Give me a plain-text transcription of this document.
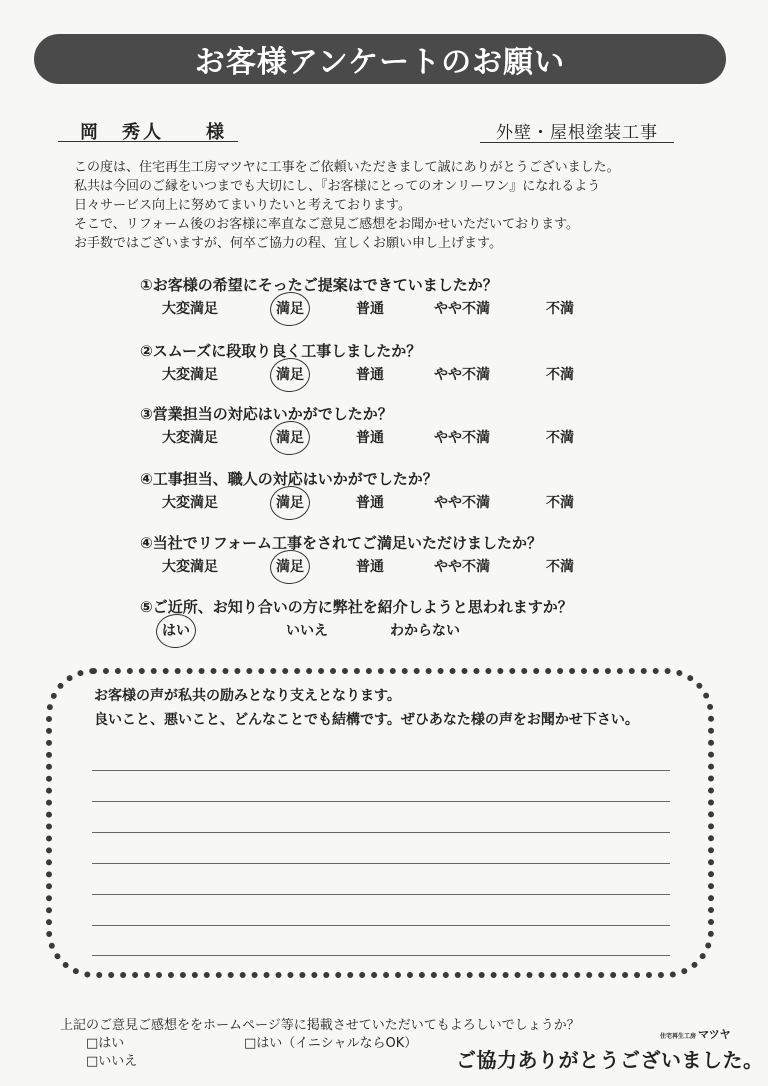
お客様アンケートのお願い
岡　秀人　　様	外壁・屋根塗装工事
この度は、住宅再生工房マツヤに工事をご依頼いただきまして誠にありがとうございました。
私共は今回のご縁をいつまでも大切にし、『お客様にとってのオンリーワン』になれるよう
日々サービス向上に努めてまいりたいと考えております。
そこで、リフォーム後のお客様に率直なご意見ご感想をお聞かせいただいております。
お手数ではございますが、何卒ご協力の程、宜しくお願い申し上げます。
①お客様の希望にそったご提案はできていましたか？
大変満足	満足	普通	やや不満	不満
②スムーズに段取り良く工事しましたか？
大変満足	満足	普通	やや不満	不満
③営業担当の対応はいかがでしたか？
大変満足	満足	普通	やや不満	不満
④工事担当、職人の対応はいかがでしたか？
大変満足	満足	普通	やや不満	不満
④当社でリフォーム工事をされてご満足いただけましたか？
大変満足	満足	普通	やや不満	不満
⑤ご近所、お知り合いの方に弊社を紹介しようと思われますか？
はい	いいえ	わからない
お客様の声が私共の励みとなり支えとなります。
良いこと、悪いこと、どんなことでも結構です。ぜひあなた様の声をお聞かせ下さい。
上記のご意見ご感想ををホームページ等に掲載させていただいてもよろしいでしょうか？
□はい	□はい（イニシャルならOK）
□いいえ
住宅再生工房 マツヤ
ご協力ありがとうございました。
